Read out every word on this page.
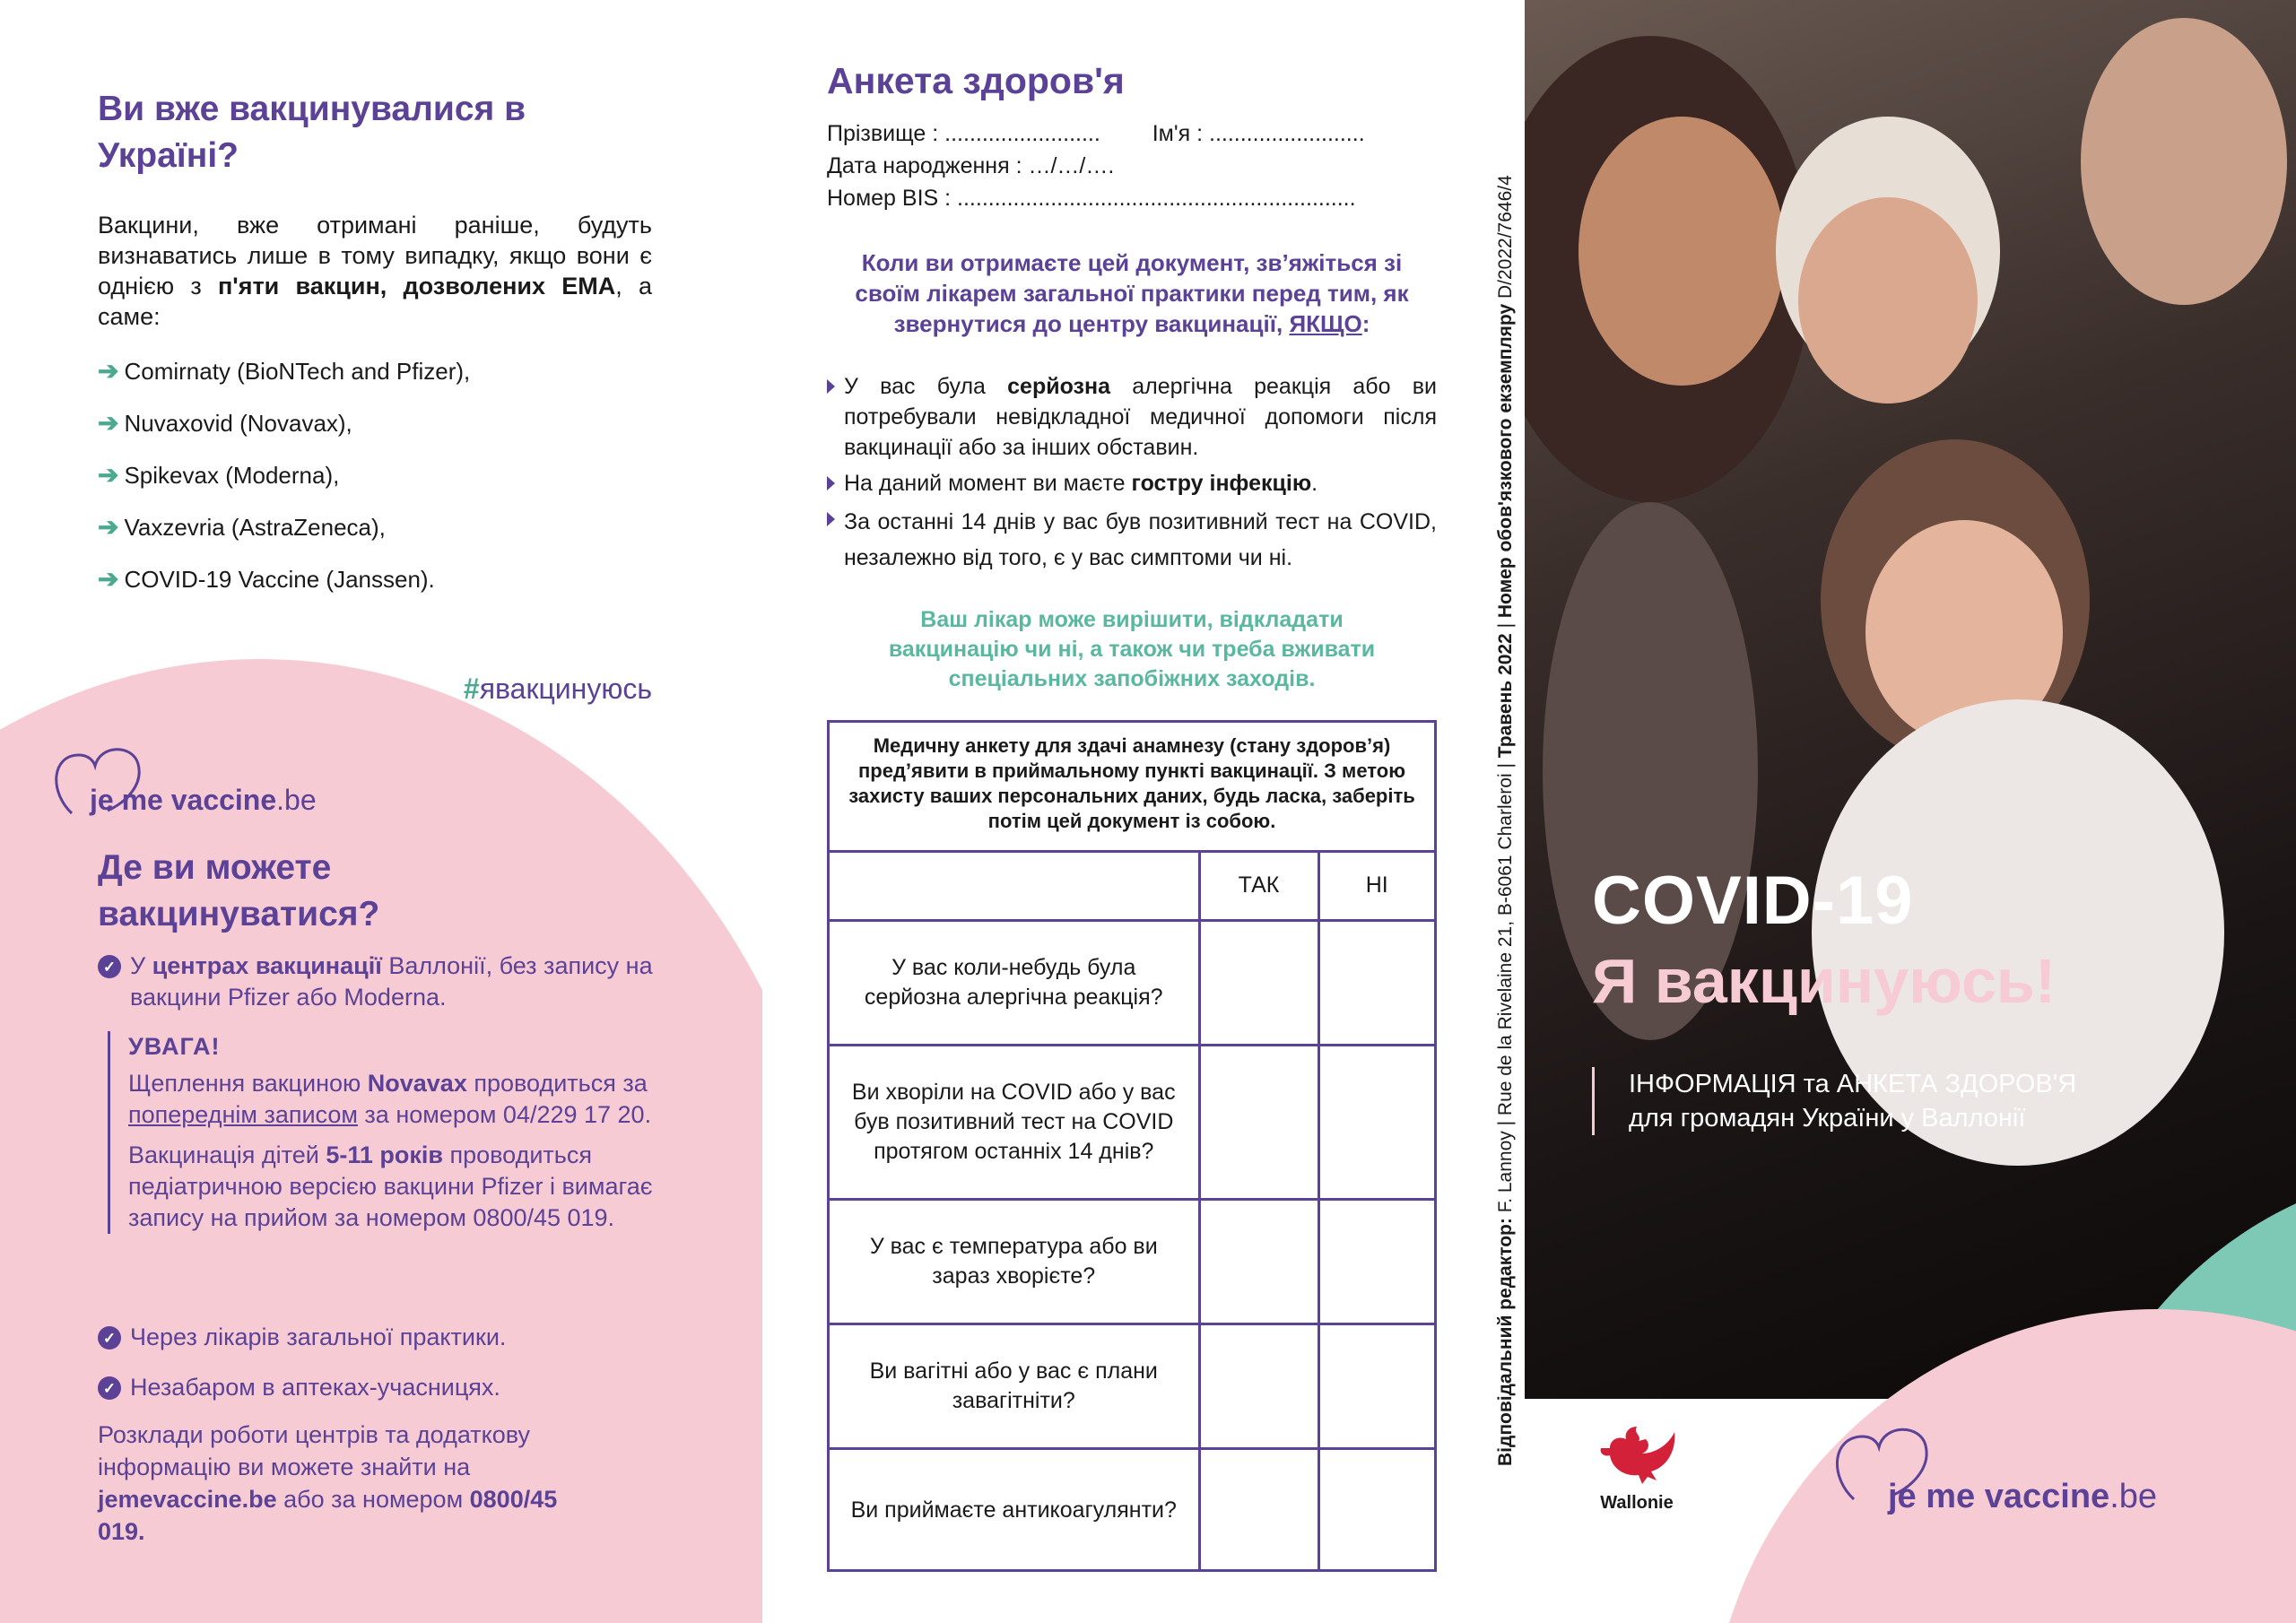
Ви вже вакцинувалися в Україні?

Вакцини, вже отримані раніше, будуть визнаватись лише в тому випадку, якщо вони є однією з п'яти вакцин, дозволених ЕМА, а саме:

➔ Comirnaty (BioNTech and Pfizer),
➔ Nuvaxovid (Novavax),
➔ Spikevax (Moderna),
➔ Vaxzevria (AstraZeneca),
➔ COVID-19 Vaccine (Janssen).
#явакцинуюсь
je me vaccine.be
Де ви можете вакцинуватися?
✓ У центрах вакцинації Валлонії, без запису на вакцини Pfizer або Moderna.
УВАГА!

Щеплення вакциною Novavax проводиться за попереднім записом за номером 04/229 17 20.

Вакцинація дітей 5-11 років проводиться педіатричною версією вакцини Pfizer і вимагає запису на прийом за номером 0800/45 019.

✓ Через лікарів загальної практики.
✓ Незабаром в аптеках-учасницях.

Розклади роботи центрів та додаткову інформацію ви можете знайти на jemevaccine.be або за номером 0800/45 019.

Анкета здоров'я
Прізвище : ......................... Ім'я : .........................
Дата народження : …/…/….
Номер BIS : ................................................................

Коли ви отримаєте цей документ, зв’яжіться зі своїм лікарем загальної практики перед тим, як звернутися до центру вакцинації, ЯКЩО:

У вас була серйозна алергічна реакція або ви потребували невідкладної медичної допомоги після вакцинації або за інших обставин.
На даний момент ви маєте гостру інфекцію.
За останні 14 днів у вас був позитивний тест на COVID, незалежно від того, є у вас симптоми чи ні.

Ваш лікар може вирішити, відкладати вакцинацію чи ні, а також чи треба вживати спеціальних запобіжних заходів.

Медичну анкету для здачі анамнезу (стану здоров’я) пред’явити в приймальному пункті вакцинації. З метою захисту ваших персональних даних, будь ласка, заберіть потім цей документ із собою.
	ТАК	НІ
У вас коли-небудь була серйозна алергічна реакція?		
Ви хворіли на COVID або у вас був позитивний тест на COVID протягом останніх 14 днів?		
У вас є температура або ви зараз хворієте?		
Ви вагітні або у вас є плани завагітніти?		
Ви приймаєте антикоагулянти?		
Відповідальний редактор: F. Lannoy | Rue de la Rivelaine 21, B-6061 Charleroi | Травень 2022 | Номер обов'язкового екземпляру D/2022/7646/4
COVID-19
Я вакцинуюсь!
ІНФОРМАЦІЯ та АНКЕТА ЗДОРОВ'Я
для громадян України у Валлонії
Wallonie	je me vaccine.be
